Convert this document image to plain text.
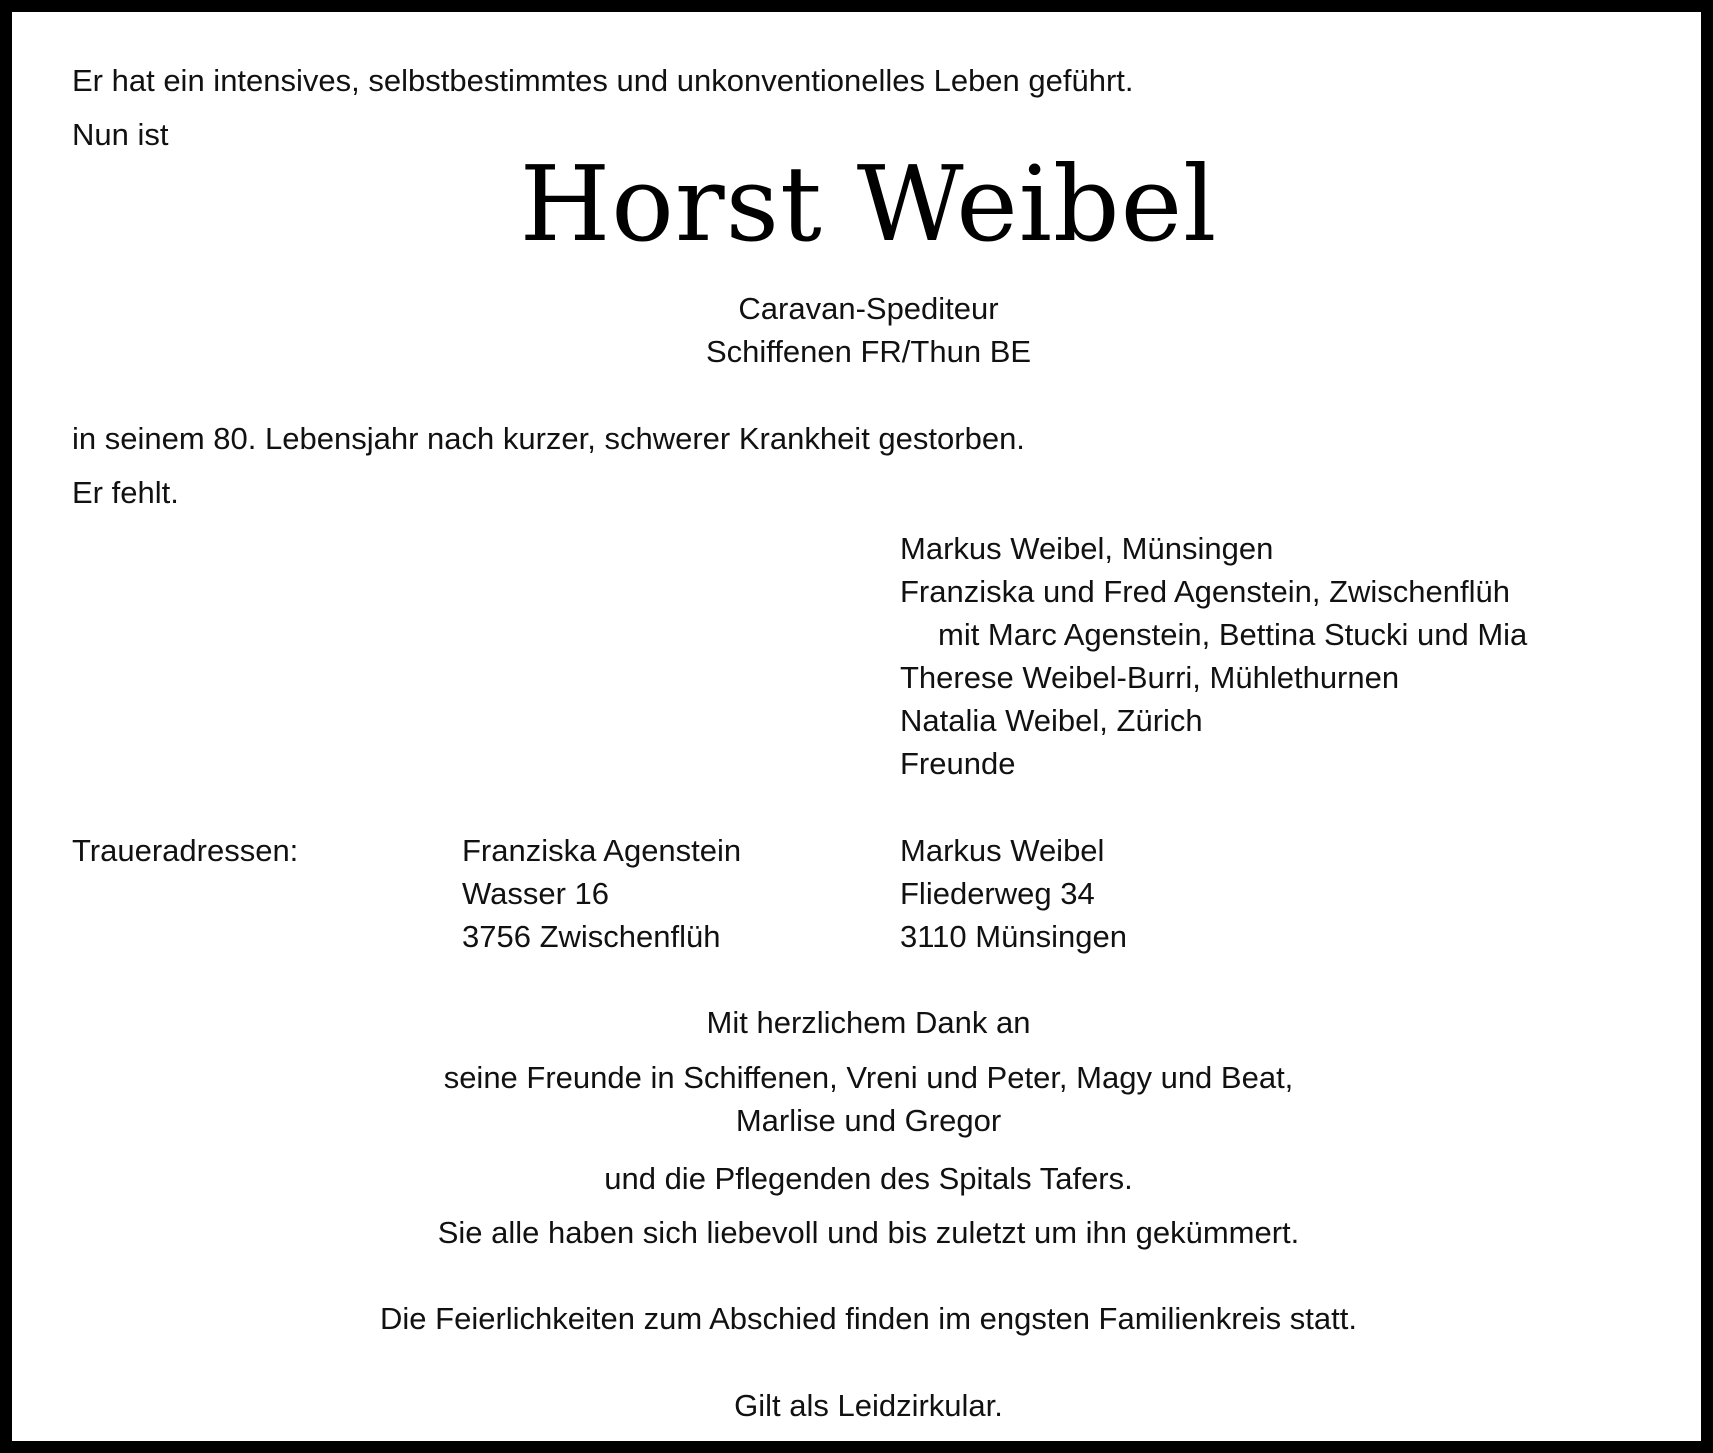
Er hat ein intensives, selbstbestimmtes und unkonventionelles Leben geführt.
Nun ist
Horst Weibel
Caravan-Spediteur
Schiffenen FR/Thun BE
in seinem 80. Lebensjahr nach kurzer, schwerer Krankheit gestorben.
Er fehlt.
Markus Weibel, Münsingen
Franziska und Fred Agenstein, Zwischenflüh
mit Marc Agenstein, Bettina Stucki und Mia
Therese Weibel-Burri, Mühlethurnen
Natalia Weibel, Zürich
Freunde
Traueradressen:	Franziska Agenstein
Wasser 16
3756 Zwischenflüh
Markus Weibel
Fliederweg 34
3110 Münsingen
Mit herzlichem Dank an
seine Freunde in Schiffenen, Vreni und Peter, Magy und Beat,
Marlise und Gregor
und die Pflegenden des Spitals Tafers.
Sie alle haben sich liebevoll und bis zuletzt um ihn gekümmert.
Die Feierlichkeiten zum Abschied finden im engsten Familienkreis statt.
Gilt als Leidzirkular.
